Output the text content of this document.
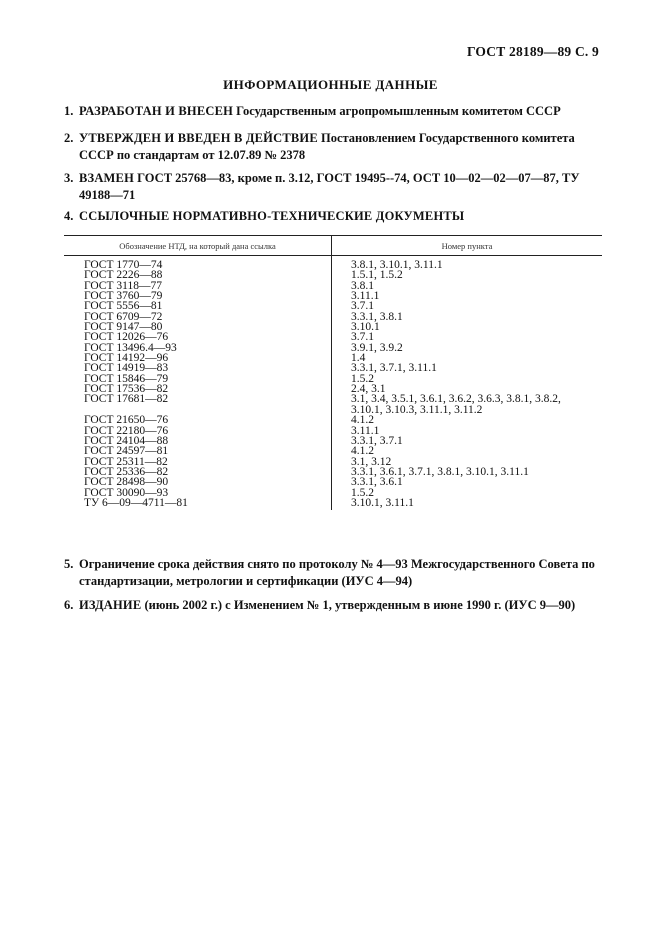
ГОСТ 28189—89 С. 9
ИНФОРМАЦИОННЫЕ ДАННЫЕ
1. РАЗРАБОТАН И ВНЕСЕН Государственным агропромышленным комитетом СССР
2. УТВЕРЖДЕН И ВВЕДЕН В ДЕЙСТВИЕ Постановлением Государственного комитета СССР по стандартам от 12.07.89 № 2378
3. ВЗАМЕН ГОСТ 25768—83, кроме п. 3.12, ГОСТ 19495--74, ОСТ 10—02—02—07—87, ТУ 49188—71
4. ССЫЛОЧНЫЕ НОРМАТИВНО-ТЕХНИЧЕСКИЕ ДОКУМЕНТЫ
Обозначение НТД, на который дана ссылка	Номер пункта
ГОСТ 1770—74
ГОСТ 2226—88
ГОСТ 3118—77
ГОСТ 3760—79
ГОСТ 5556—81
ГОСТ 6709—72
ГОСТ 9147—80
ГОСТ 12026—76
ГОСТ 13496.4—93
ГОСТ 14192—96
ГОСТ 14919—83
ГОСТ 15846—79
ГОСТ 17536—82
ГОСТ 17681—82
ГОСТ 21650—76
ГОСТ 22180—76
ГОСТ 24104—88
ГОСТ 24597—81
ГОСТ 25311—82
ГОСТ 25336—82
ГОСТ 28498—90
ГОСТ 30090—93
ТУ 6—09—4711—81
3.8.1, 3.10.1, 3.11.1
1.5.1, 1.5.2
3.8.1
3.11.1
3.7.1
3.3.1, 3.8.1
3.10.1
3.7.1
3.9.1, 3.9.2
1.4
3.3.1, 3.7.1, 3.11.1
1.5.2
2.4, 3.1
3.1, 3.4, 3.5.1, 3.6.1, 3.6.2, 3.6.3, 3.8.1, 3.8.2, 3.10.1, 3.10.3, 3.11.1, 3.11.2
4.1.2
3.11.1
3.3.1, 3.7.1
4.1.2
3.1, 3.12
3.3.1, 3.6.1, 3.7.1, 3.8.1, 3.10.1, 3.11.1
3.3.1, 3.6.1
1.5.2
3.10.1, 3.11.1
5. Ограничение срока действия снято по протоколу № 4—93 Межгосударственного Совета по стандартизации, метрологии и сертификации (ИУС 4—94)
6. ИЗДАНИЕ (июнь 2002 г.) с Изменением № 1, утвержденным в июне 1990 г. (ИУС 9—90)
